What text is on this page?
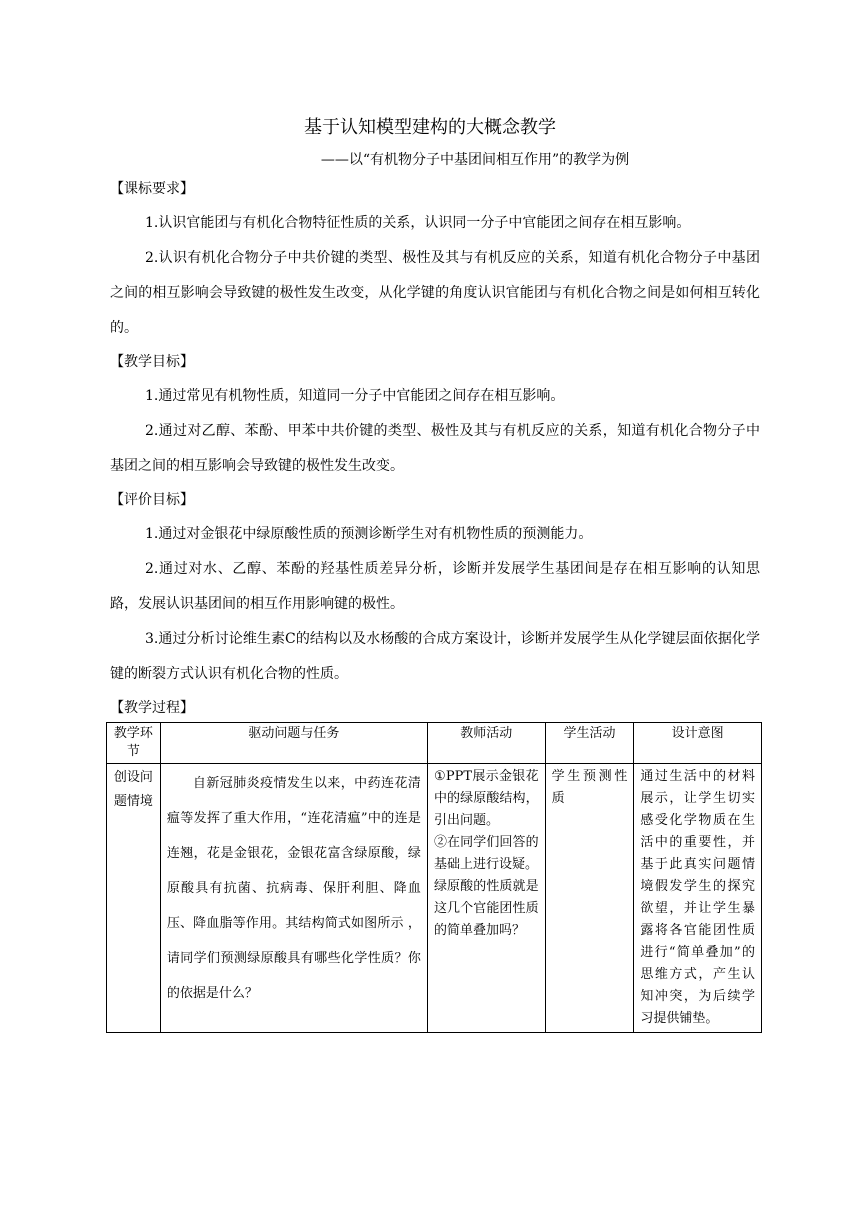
基于认知模型建构的大概念教学
——以“有机物分子中基团间相互作用”的教学为例

【课标要求】

1.认识官能团与有机化合物特征性质的关系，认识同一分子中官能团之间存在相互影响。

2.认识有机化合物分子中共价键的类型、极性及其与有机反应的关系，知道有机化合物分子中基团之间的相互影响会导致键的极性发生改变，从化学键的角度认识官能团与有机化合物之间是如何相互转化的。

【教学目标】

1.通过常见有机物性质，知道同一分子中官能团之间存在相互影响。

2.通过对乙醇、苯酚、甲苯中共价键的类型、极性及其与有机反应的关系，知道有机化合物分子中基团之间的相互影响会导致键的极性发生改变。

【评价目标】

1.通过对金银花中绿原酸性质的预测诊断学生对有机物性质的预测能力。

2.通过对水、乙醇、苯酚的羟基性质差异分析，诊断并发展学生基团间是存在相互影响的认知思路，发展认识基团间的相互作用影响键的极性。

3.通过分析讨论维生素C的结构以及水杨酸的合成方案设计，诊断并发展学生从化学键层面依据化学键的断裂方式认识有机化合物的性质。

【教学过程】

教学环节	驱动问题与任务	教师活动	学生活动	设计意图
创设问题情境	自新冠肺炎疫情发生以来，中药连花清瘟等发挥了重大作用，“连花清瘟”中的连是连翘，花是金银花，金银花富含绿原酸，绿原酸具有抗菌、抗病毒、保肝利胆、降血压、降血脂等作用。其结构简式如图所示 ，请同学们预测绿原酸具有哪些化学性质？你的依据是什么？	①PPT展示金银花中的绿原酸结构，引出问题。
②在同学们回答的基础上进行设疑。
绿原酸的性质就是这几个官能团性质的简单叠加吗？	学生预测性质	通过生活中的材料展示，让学生切实感受化学物质在生活中的重要性，并基于此真实问题情境假发学生的探究欲望，并让学生暴露将各官能团性质进行“简单叠加”的思维方式，产生认知冲突，为后续学习提供铺垫。
